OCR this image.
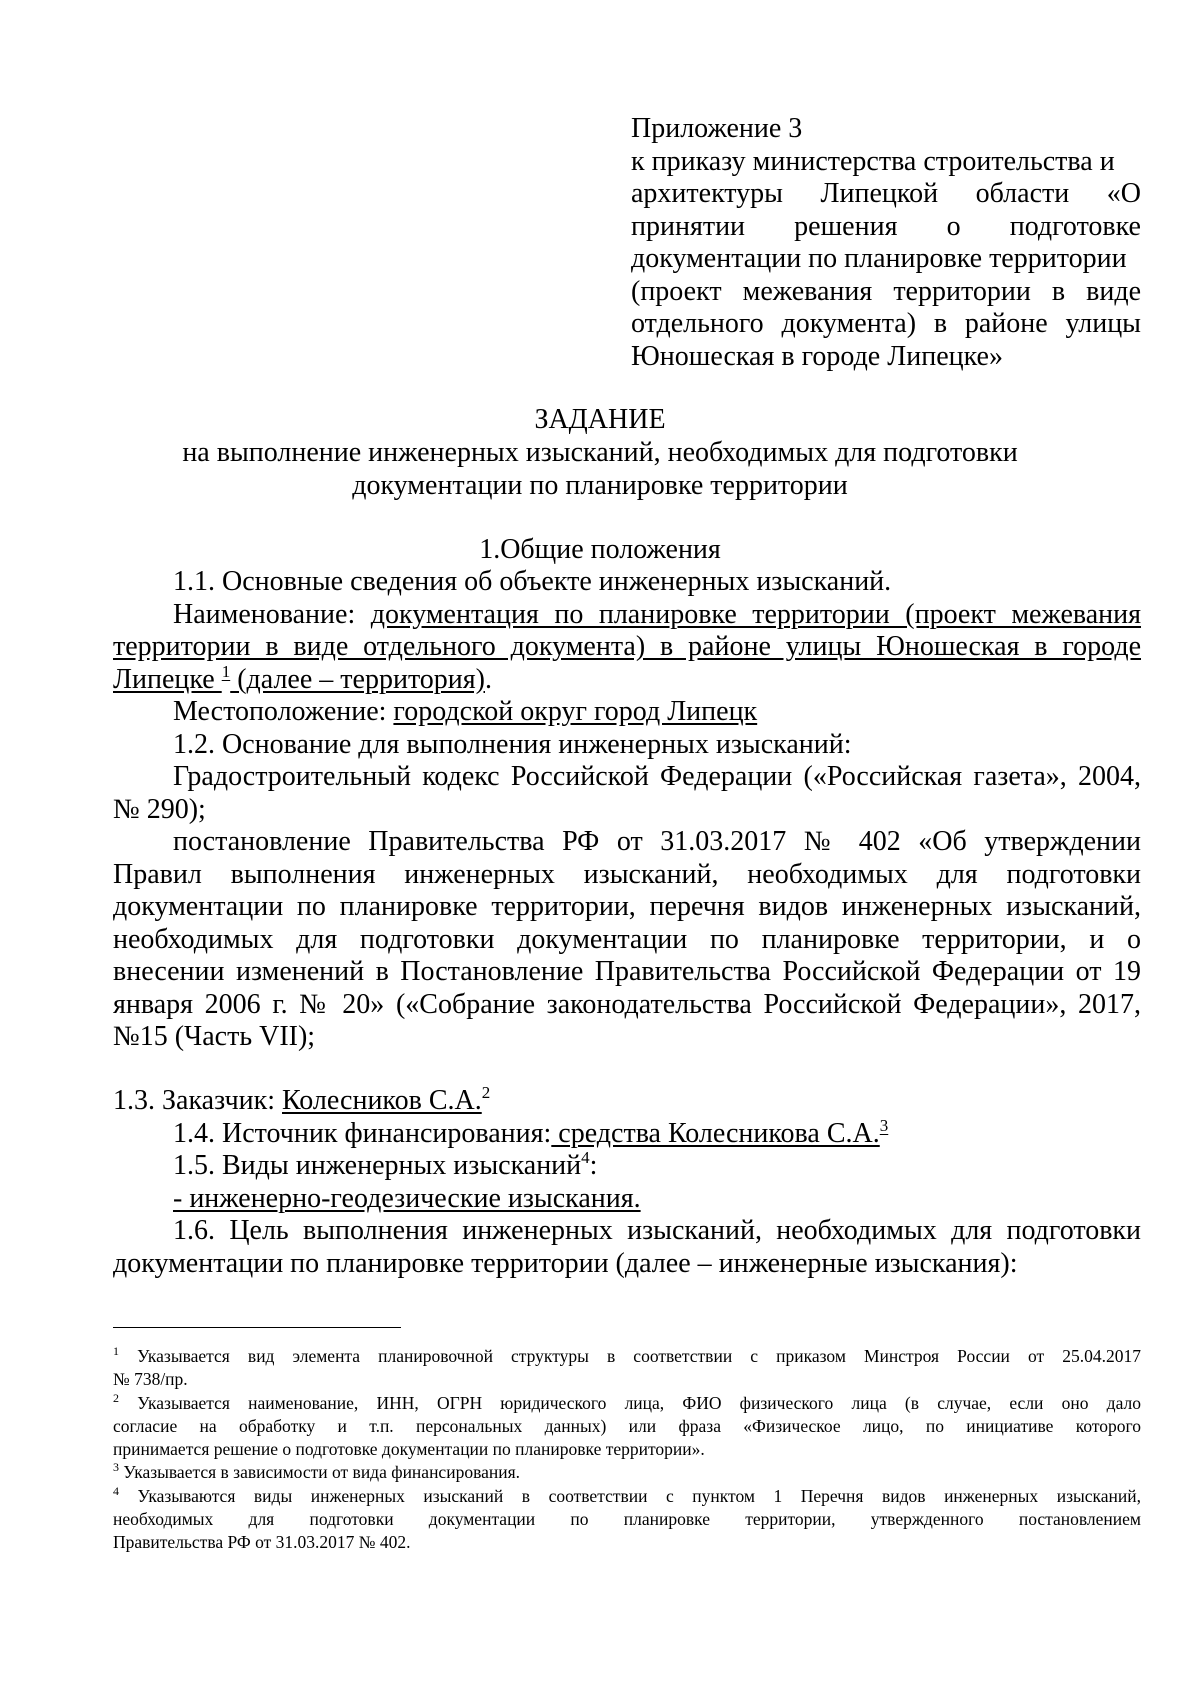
Приложение 3
к приказу министерства строительства и
архитектуры Липецкой области «О
принятии решения о подготовке
документации по планировке территории
(проект межевания территории в виде
отдельного документа) в районе улицы
Юношеская в городе Липецке»
ЗАДАНИЕ
на выполнение инженерных изысканий, необходимых для подготовки
документации по планировке территории
1.Общие положения
1.1. Основные сведения об объекте инженерных изысканий.
Наименование: документация по планировке территории (проект межевания
территории в виде отдельного документа) в районе улицы Юношеская в городе
Липецке $^1$ (далее – территория).
Местоположение: городской округ город Липецк
1.2. Основание для выполнения инженерных изысканий:
Градостроительный кодекс Российской Федерации («Российская газета», 2004,
№ 290);
постановление Правительства РФ от 31.03.2017 № 402 «Об утверждении
Правил выполнения инженерных изысканий, необходимых для подготовки
документации по планировке территории, перечня видов инженерных изысканий,
необходимых для подготовки документации по планировке территории, и о
внесении изменений в Постановление Правительства Российской Федерации от 19
января 2006 г. № 20» («Собрание законодательства Российской Федерации», 2017,
№15 (Часть VII);
1.3. Заказчик: Колесников С.А.$^2$
1.4. Источник финансирования: средства Колесникова С.А.$^3$
1.5. Виды инженерных изысканий$^4$:
- инженерно-геодезические изыскания.
1.6. Цель выполнения инженерных изысканий, необходимых для подготовки
документации по планировке территории (далее – инженерные изыскания):
$^1$ Указывается вид элемента планировочной структуры в соответствии с приказом Минстроя России от 25.04.2017
№ 738/пр.
$^2$ Указывается наименование, ИНН, ОГРН юридического лица, ФИО физического лица (в случае, если оно дало
согласие на обработку и т.п. персональных данных) или фраза «Физическое лицо, по инициативе которого
принимается решение о подготовке документации по планировке территории».
$^3$ Указывается в зависимости от вида финансирования.
$^4$ Указываются виды инженерных изысканий в соответствии с пунктом 1 Перечня видов инженерных изысканий,
необходимых для подготовки документации по планировке территории, утвержденного постановлением
Правительства РФ от 31.03.2017 № 402.
